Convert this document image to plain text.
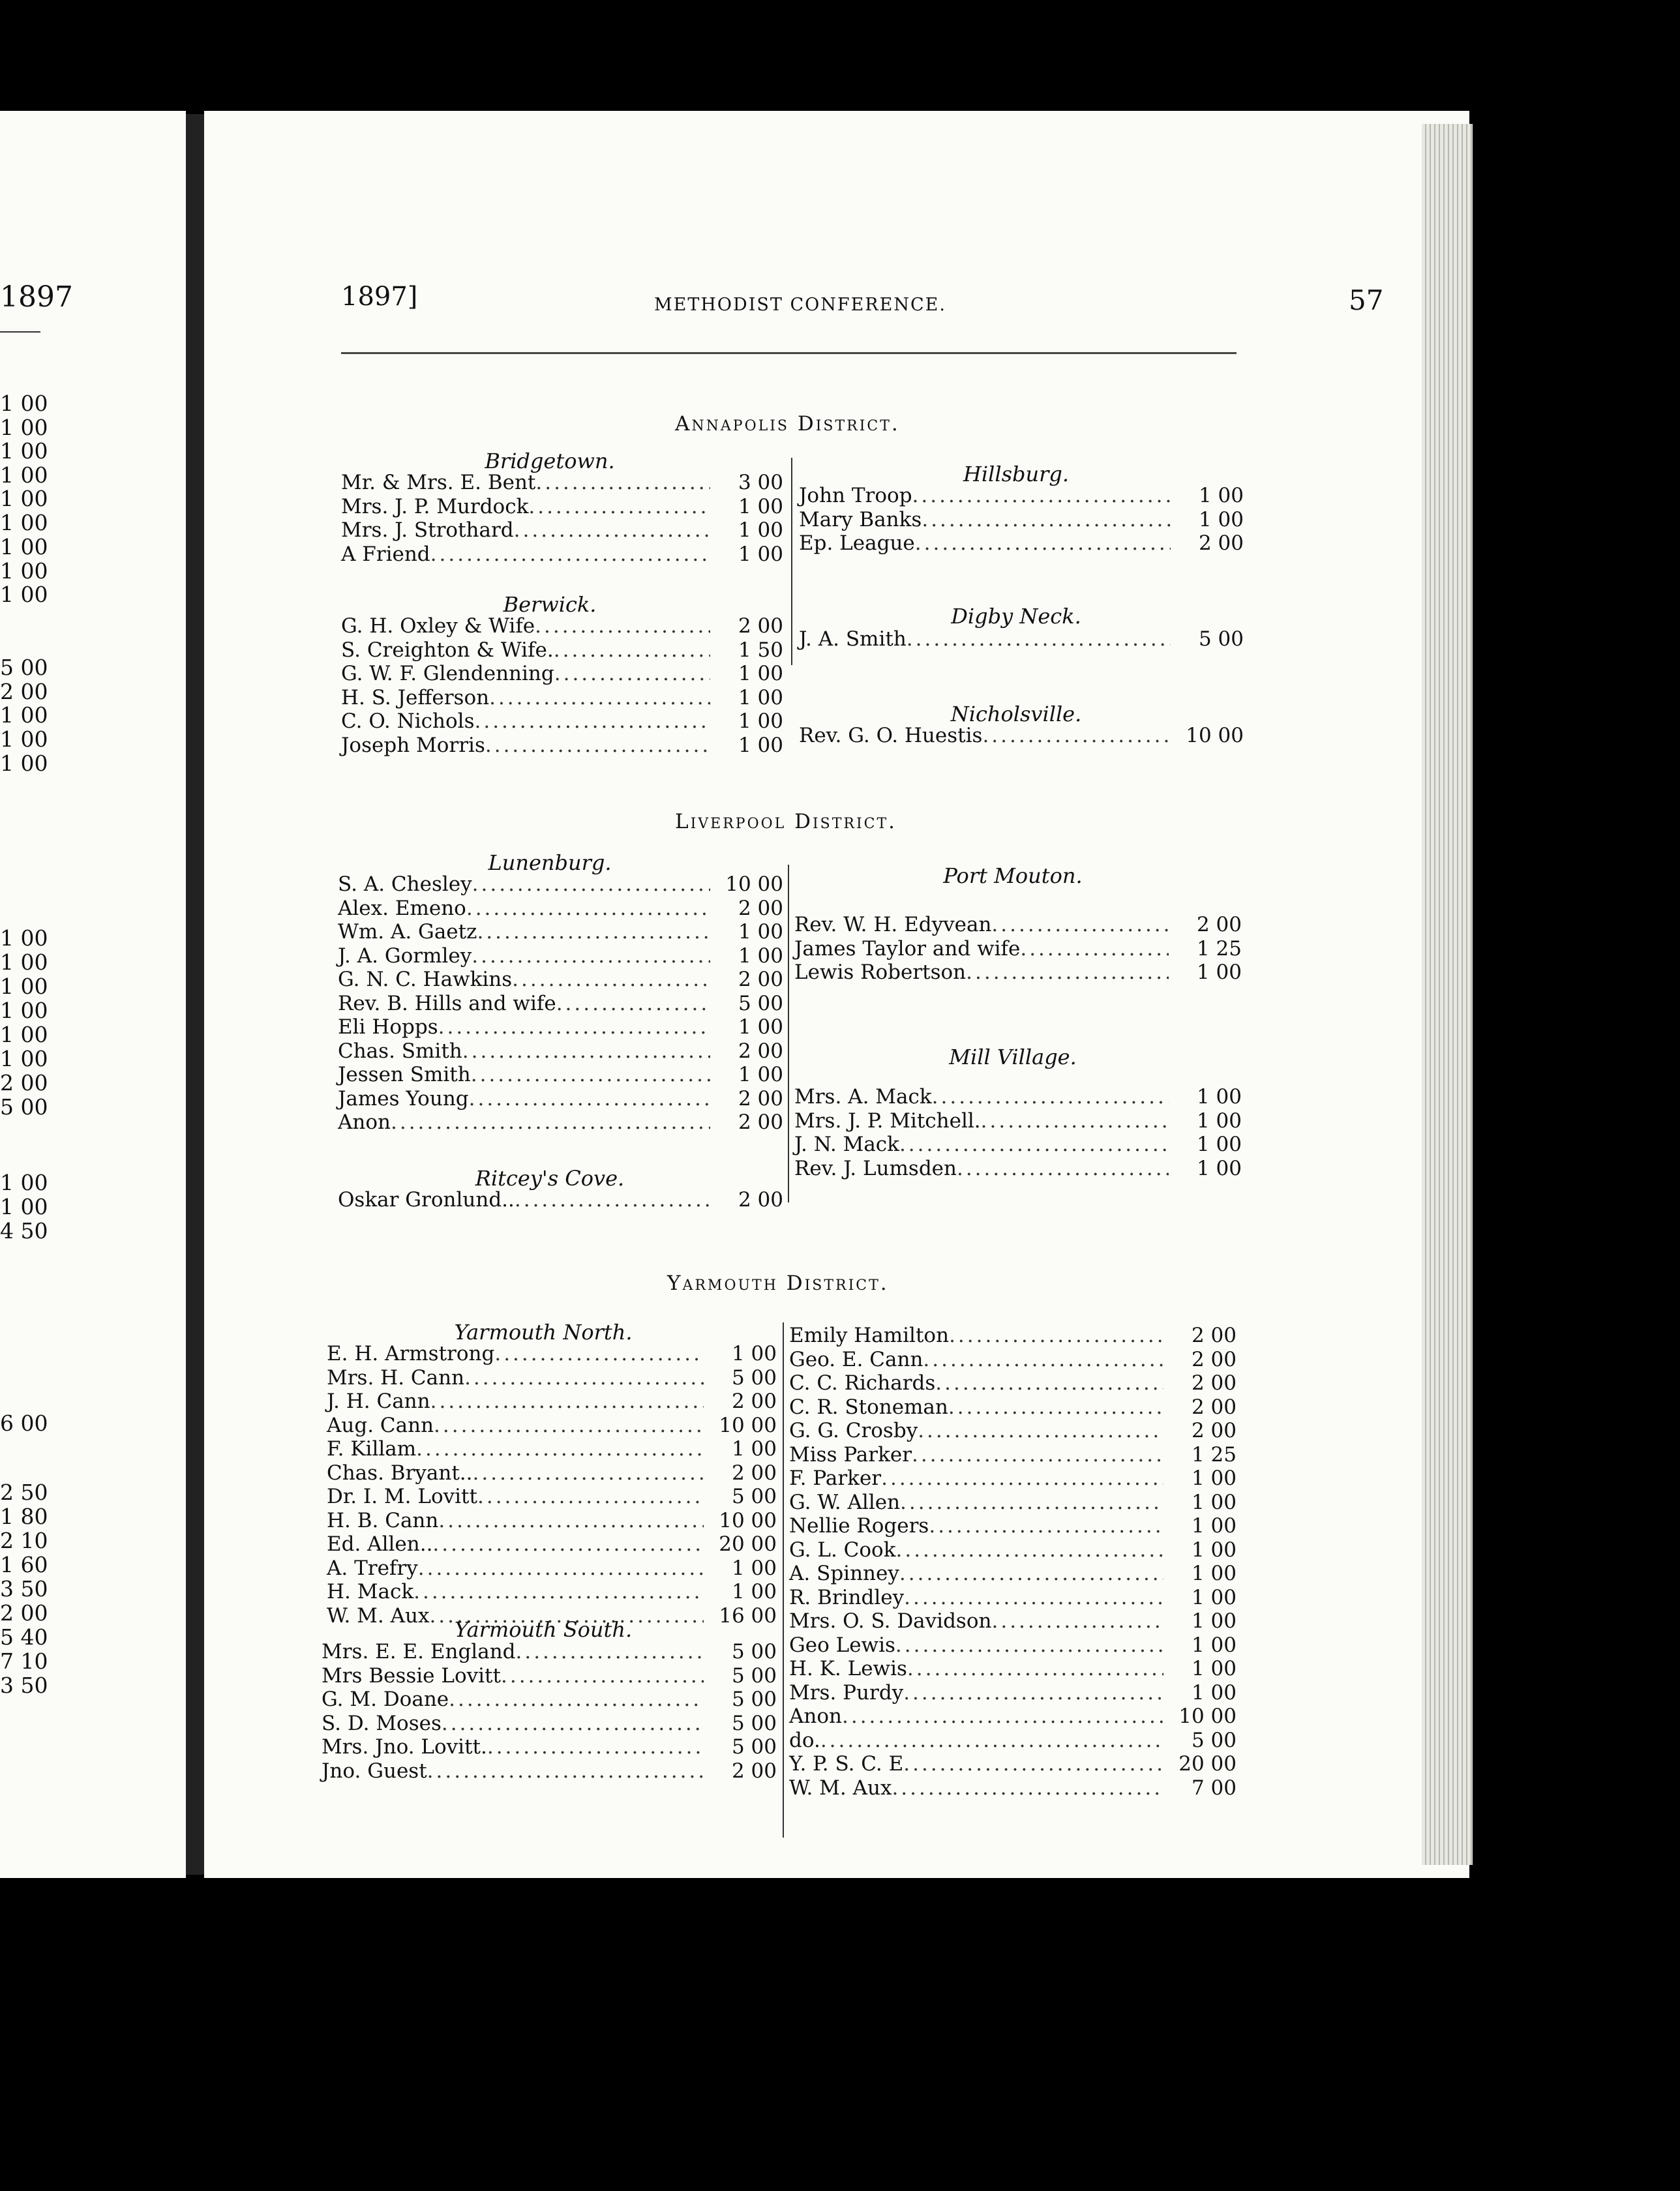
1897
1 00
1 00
1 00
1 00
1 00
1 00
1 00
1 00
1 00
5 00
2 00
1 00
1 00
1 00
1 00
1 00
1 00
1 00
1 00
1 00
2 00
5 00
1 00
1 00
4 50
6 00
2 50
1 80
2 10
1 60
3 50
2 00
5 40
7 10
3 50
1897]	METHODIST CONFERENCE.	57
Annapolis District.
Bridgetown.
Mr. & Mrs. E. Bent .....	3 00
Mrs. J. P. Murdock .....	1 00
Mrs. J. Strothard .....	1 00
A Friend .....	1 00
Berwick.
G. H. Oxley & Wife .....	2 00
S. Creighton & Wife. .....	1 50
G. W. F. Glendenning .....	1 00
H. S. Jefferson .....	1 00
C. O. Nichols .....	1 00
Joseph Morris .....	1 00
Hillsburg.
John Troop .....	1 00
Mary Banks .....	1 00
Ep. League .....	2 00
Digby Neck.
J. A. Smith .....	5 00
Nicholsville.
Rev. G. O. Huestis .....	10 00
Liverpool District.
Lunenburg.
S. A. Chesley .....	10 00
Alex. Emeno .....	2 00
Wm. A. Gaetz .....	1 00
J. A. Gormley .....	1 00
G. N. C. Hawkins .....	2 00
Rev. B. Hills and wife .....	5 00
Eli Hopps .....	1 00
Chas. Smith .....	2 00
Jessen Smith .....	1 00
James Young .....	2 00
Anon .....	2 00
Ritcey's Cove.
Oskar Gronlund.. .....	2 00
Port Mouton.
Rev. W. H. Edyvean .....	2 00
James Taylor and wife .....	1 25
Lewis Robertson .....	1 00
Mill Village.
Mrs. A. Mack .....	1 00
Mrs. J. P. Mitchell. .....	1 00
J. N. Mack .....	1 00
Rev. J. Lumsden .....	1 00
Yarmouth District.
Yarmouth North.
E. H. Armstrong .....	1 00
Mrs. H. Cann .....	5 00
J. H. Cann .....	2 00
Aug. Cann .....	10 00
F. Killam .....	1 00
Chas. Bryant.. .....	2 00
Dr. I. M. Lovitt .....	5 00
H. B. Cann .....	10 00
Ed. Allen.. .....	20 00
A. Trefry .....	1 00
H. Mack .....	1 00
W. M. Aux .....	16 00
Yarmouth South.
Mrs. E. E. England .....	5 00
Mrs Bessie Lovitt .....	5 00
G. M. Doane .....	5 00
S. D. Moses .....	5 00
Mrs. Jno. Lovitt. .....	5 00
Jno. Guest .....	2 00
Emily Hamilton .....	2 00
Geo. E. Cann .....	2 00
C. C. Richards .....	2 00
C. R. Stoneman .....	2 00
G. G. Crosby .....	2 00
Miss Parker .....	1 25
F. Parker .....	1 00
G. W. Allen .....	1 00
Nellie Rogers .....	1 00
G. L. Cook .....	1 00
A. Spinney .....	1 00
R. Brindley .....	1 00
Mrs. O. S. Davidson .....	1 00
Geo Lewis .....	1 00
H. K. Lewis .....	1 00
Mrs. Purdy .....	1 00
Anon .....	10 00
do. .....	5 00
Y. P. S. C. E .....	20 00
W. M. Aux .....	7 00
